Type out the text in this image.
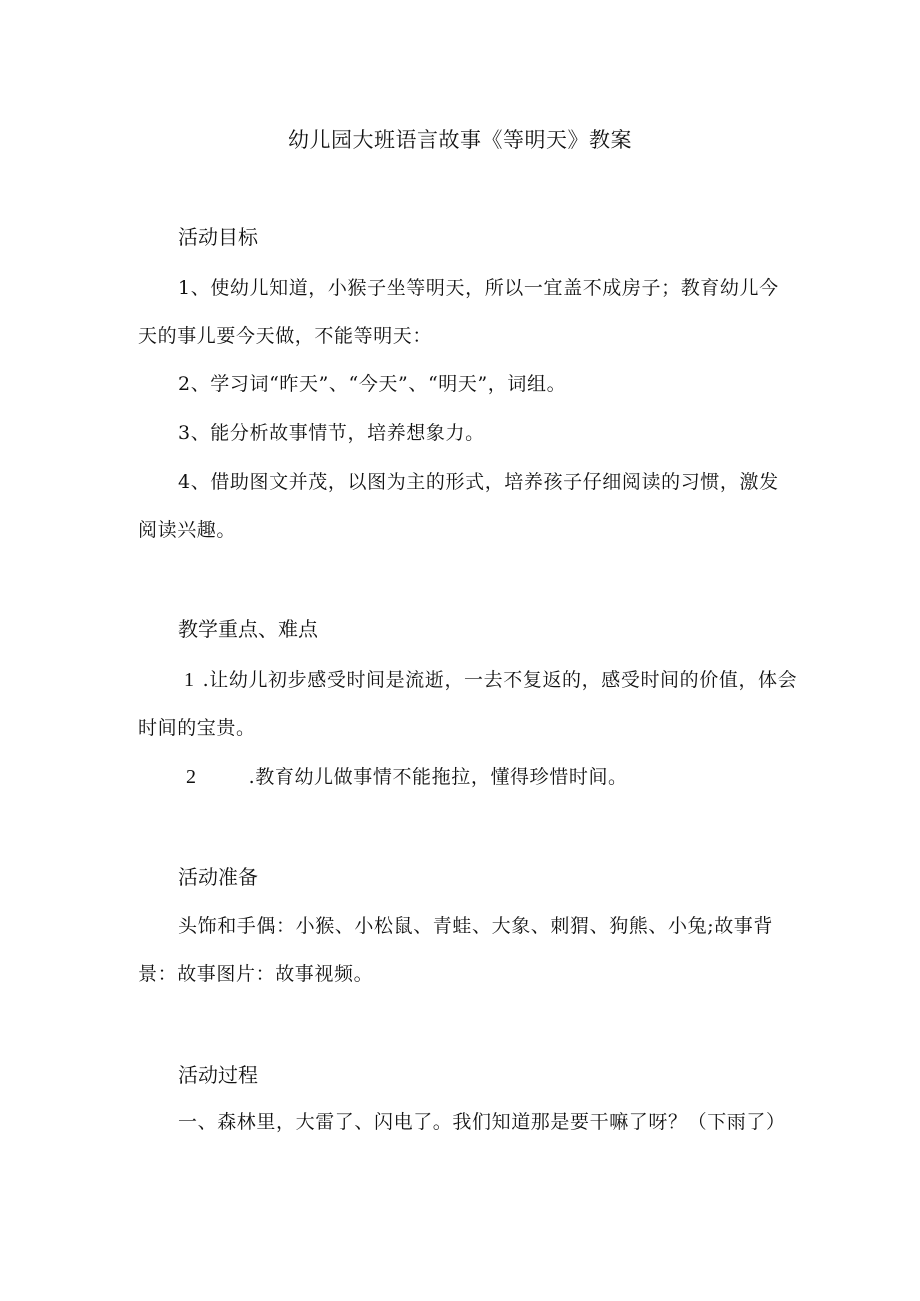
幼儿园大班语言故事《等明天》教案
活动目标

1、使幼儿知道，小猴子坐等明天，所以一宜盖不成房子；教育幼儿今天的事儿要今天做，不能等明天：

2、学习词“昨天”、“今天”、“明天”，词组。

3、能分析故事情节，培养想象力。

4、借助图文并茂，以图为主的形式，培养孩子仔细阅读的习惯，激发阅读兴趣。

教学重点、难点

1 .让幼儿初步感受时间是流逝，一去不复返的，感受时间的价值，体会时间的宝贵。

2	.教育幼儿做事情不能拖拉，懂得珍惜时间。

活动准备

头饰和手偶：小猴、小松鼠、青蛙、大象、刺猬、狗熊、小兔;故事背景：故事图片：故事视频。

活动过程

一、森林里，大雷了、闪电了。我们知道那是要干嘛了呀？（下雨了）
